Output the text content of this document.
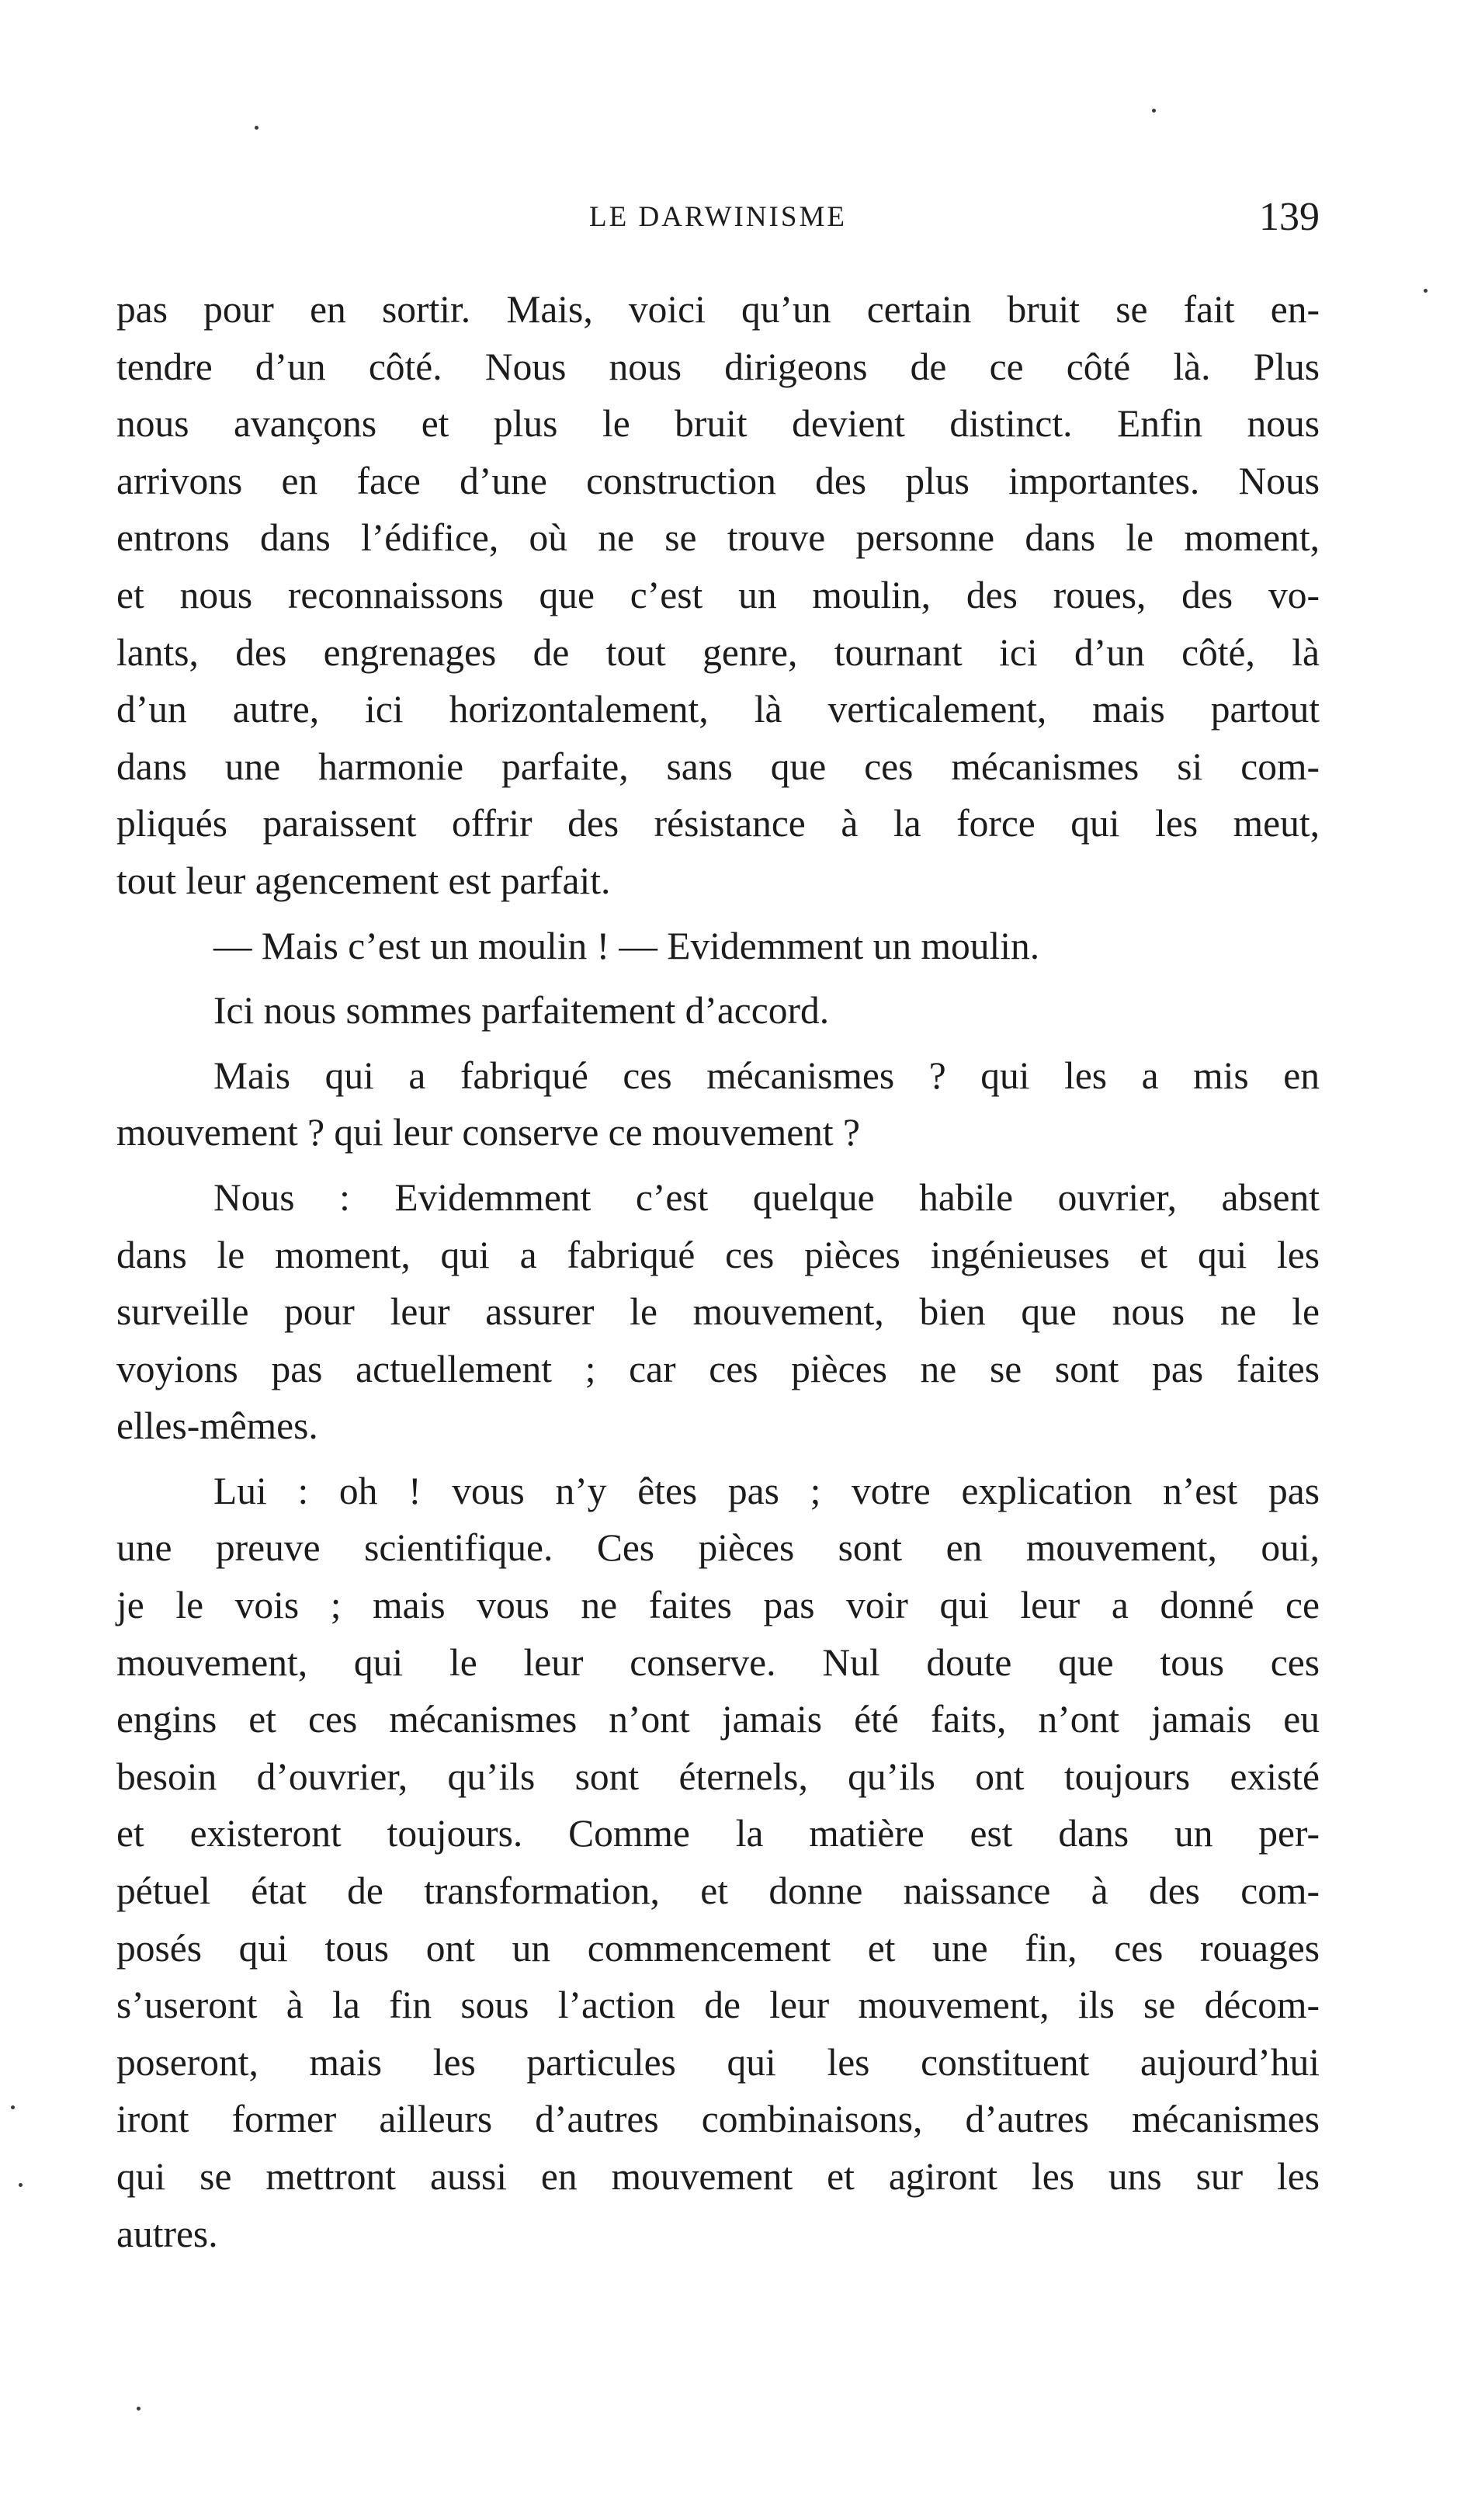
LE DARWINISME	139
pas pour en sortir. Mais, voici qu’un certain bruit se fait en-
tendre d’un côté. Nous nous dirigeons de ce côté là. Plus
nous avançons et plus le bruit devient distinct. Enfin nous
arrivons en face d’une construction des plus importantes. Nous
entrons dans l’édifice, où ne se trouve personne dans le moment,
et nous reconnaissons que c’est un moulin, des roues, des vo-
lants, des engrenages de tout genre, tournant ici d’un côté, là
d’un autre, ici horizontalement, là verticalement, mais partout
dans une harmonie parfaite, sans que ces mécanismes si com-
pliqués paraissent offrir des résistance à la force qui les meut,
tout leur agencement est parfait.
— Mais c’est un moulin ! — Evidemment un moulin.
Ici nous sommes parfaitement d’accord.
Mais qui a fabriqué ces mécanismes ? qui les a mis en
mouvement ? qui leur conserve ce mouvement ?
Nous : Evidemment c’est quelque habile ouvrier, absent
dans le moment, qui a fabriqué ces pièces ingénieuses et qui les
surveille pour leur assurer le mouvement, bien que nous ne le
voyions pas actuellement ; car ces pièces ne se sont pas faites
elles-mêmes.
Lui : oh ! vous n’y êtes pas ; votre explication n’est pas
une preuve scientifique. Ces pièces sont en mouvement, oui,
je le vois ; mais vous ne faites pas voir qui leur a donné ce
mouvement, qui le leur conserve. Nul doute que tous ces
engins et ces mécanismes n’ont jamais été faits, n’ont jamais eu
besoin d’ouvrier, qu’ils sont éternels, qu’ils ont toujours existé
et existeront toujours. Comme la matière est dans un per-
pétuel état de transformation, et donne naissance à des com-
posés qui tous ont un commencement et une fin, ces rouages
s’useront à la fin sous l’action de leur mouvement, ils se décom-
poseront, mais les particules qui les constituent aujourd’hui
iront former ailleurs d’autres combinaisons, d’autres mécanismes
qui se mettront aussi en mouvement et agiront les uns sur les
autres.
